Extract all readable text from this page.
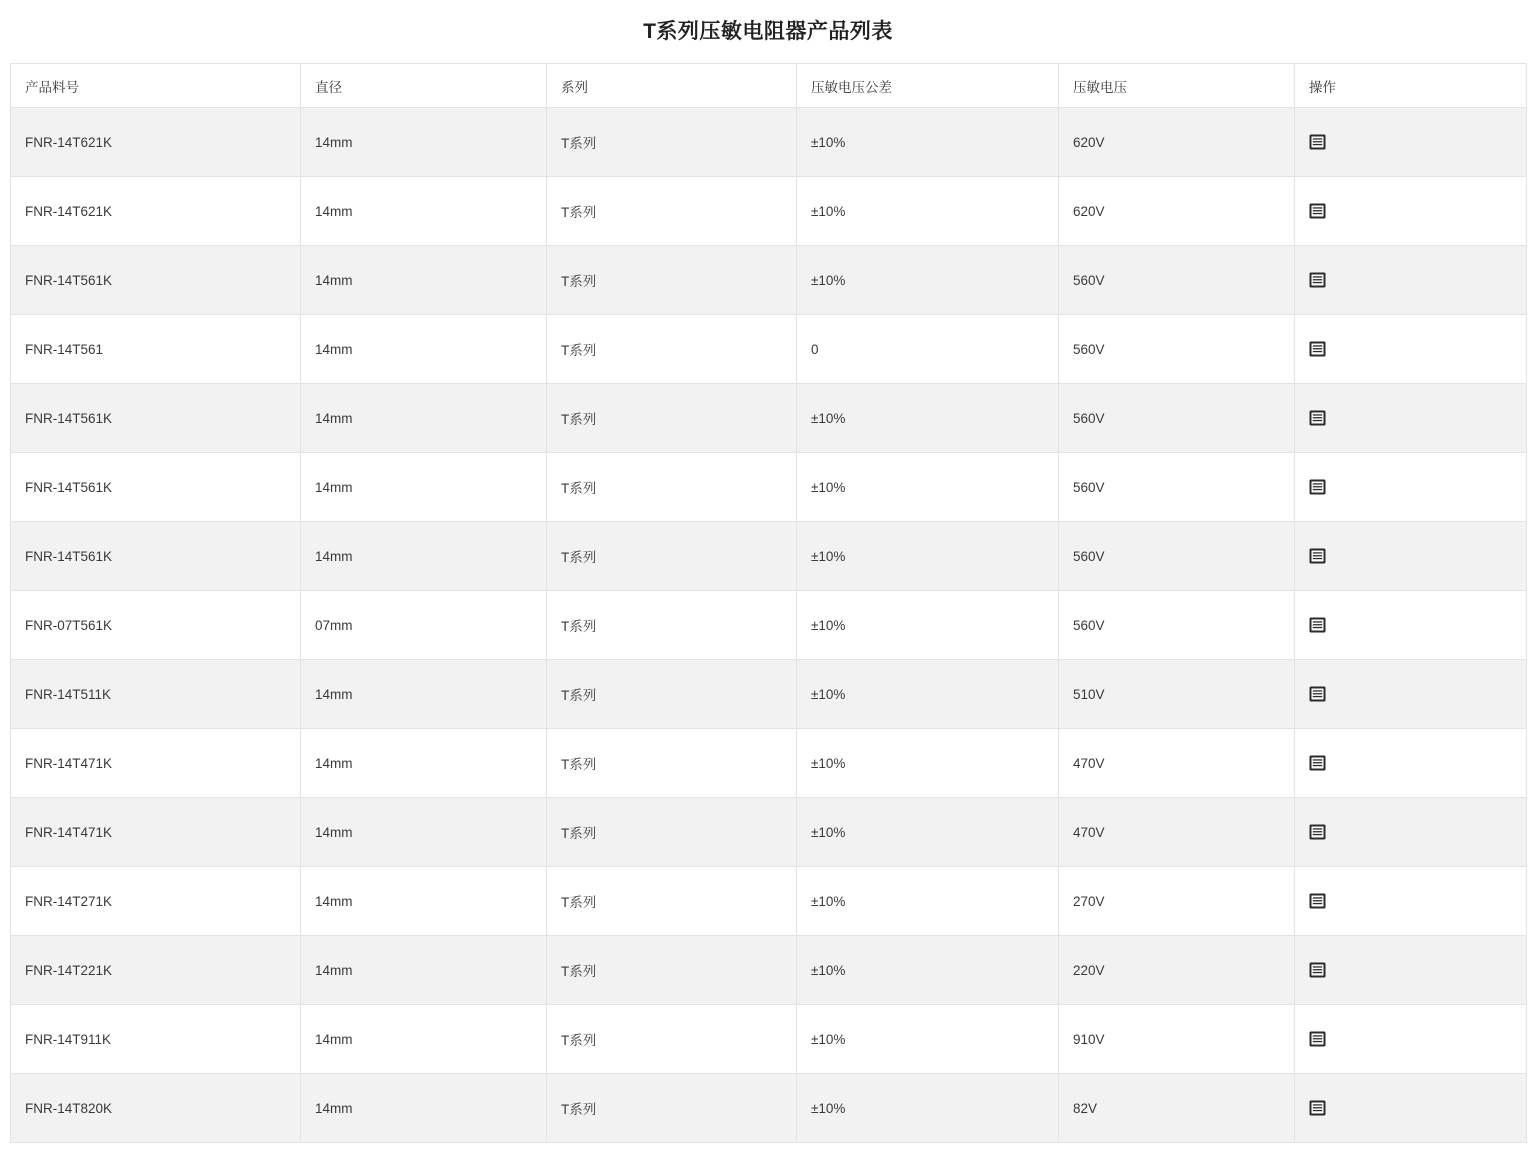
T系列压敏电阻器产品列表
产品料号	直径	系列	压敏电压公差	压敏电压	操作
FNR-14T621K	14mm	T系列	±10%	620V	

FNR-14T621K	14mm	T系列	±10%	620V	

FNR-14T561K	14mm	T系列	±10%	560V	

FNR-14T561	14mm	T系列	0	560V	

FNR-14T561K	14mm	T系列	±10%	560V	

FNR-14T561K	14mm	T系列	±10%	560V	

FNR-14T561K	14mm	T系列	±10%	560V	

FNR-07T561K	07mm	T系列	±10%	560V	

FNR-14T511K	14mm	T系列	±10%	510V	

FNR-14T471K	14mm	T系列	±10%	470V	

FNR-14T471K	14mm	T系列	±10%	470V	

FNR-14T271K	14mm	T系列	±10%	270V	

FNR-14T221K	14mm	T系列	±10%	220V	

FNR-14T911K	14mm	T系列	±10%	910V	

FNR-14T820K	14mm	T系列	±10%	82V	
